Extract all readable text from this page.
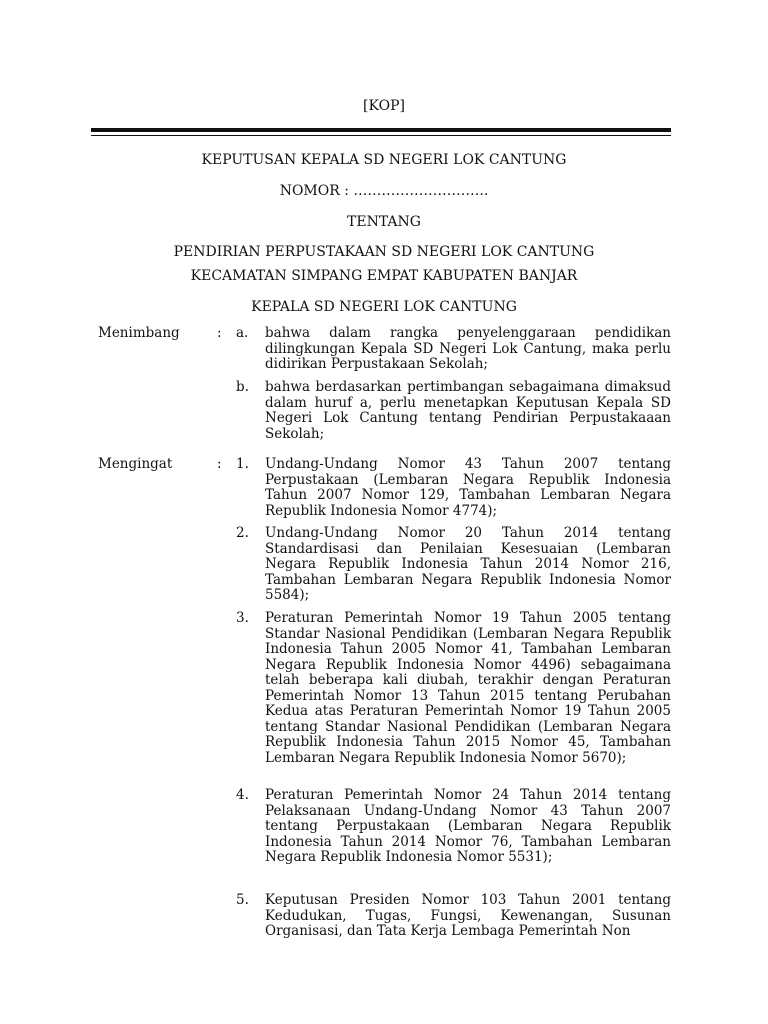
[KOP]
KEPUTUSAN KEPALA SD NEGERI LOK CANTUNG
NOMOR : ………………………..
TENTANG
PENDIRIAN PERPUSTAKAAN SD NEGERI LOK CANTUNG
KECAMATAN SIMPANG EMPAT KABUPATEN BANJAR
KEPALA SD NEGERI LOK CANTUNG
Menimbang	: a. bahwa dalam rangka penyelenggaraan pendidikan dilingkungan Kepala SD Negeri Lok Cantung, maka perlu didirikan Perpustakaan Sekolah;
b. bahwa berdasarkan pertimbangan sebagaimana dimaksud dalam huruf a, perlu menetapkan Keputusan Kepala SD Negeri Lok Cantung tentang Pendirian Perpustakaaan Sekolah;
Mengingat	: 1. Undang-Undang Nomor 43 Tahun 2007 tentang Perpustakaan (Lembaran Negara Republik Indonesia Tahun 2007 Nomor 129, Tambahan Lembaran Negara Republik Indonesia Nomor 4774);
2. Undang-Undang Nomor 20 Tahun 2014 tentang Standardisasi dan Penilaian Kesesuaian (Lembaran Negara Republik Indonesia Tahun 2014 Nomor 216, Tambahan Lembaran Negara Republik Indonesia Nomor 5584);
3. Peraturan Pemerintah Nomor 19 Tahun 2005 tentang Standar Nasional Pendidikan (Lembaran Negara Republik Indonesia Tahun 2005 Nomor 41, Tambahan Lembaran Negara Republik Indonesia Nomor 4496) sebagaimana telah beberapa kali diubah, terakhir dengan Peraturan Pemerintah Nomor 13 Tahun 2015 tentang Perubahan Kedua atas Peraturan Pemerintah Nomor 19 Tahun 2005 tentang Standar Nasional Pendidikan (Lembaran Negara Republik Indonesia Tahun 2015 Nomor 45, Tambahan Lembaran Negara Republik Indonesia Nomor 5670);
4. Peraturan Pemerintah Nomor 24 Tahun 2014 tentang Pelaksanaan Undang-Undang Nomor 43 Tahun 2007 tentang Perpustakaan (Lembaran Negara Republik Indonesia Tahun 2014 Nomor 76, Tambahan Lembaran Negara Republik Indonesia Nomor 5531);
5. Keputusan Presiden Nomor 103 Tahun 2001 tentang Kedudukan, Tugas, Fungsi, Kewenangan, Susunan Organisasi, dan Tata Kerja Lembaga Pemerintah Non
